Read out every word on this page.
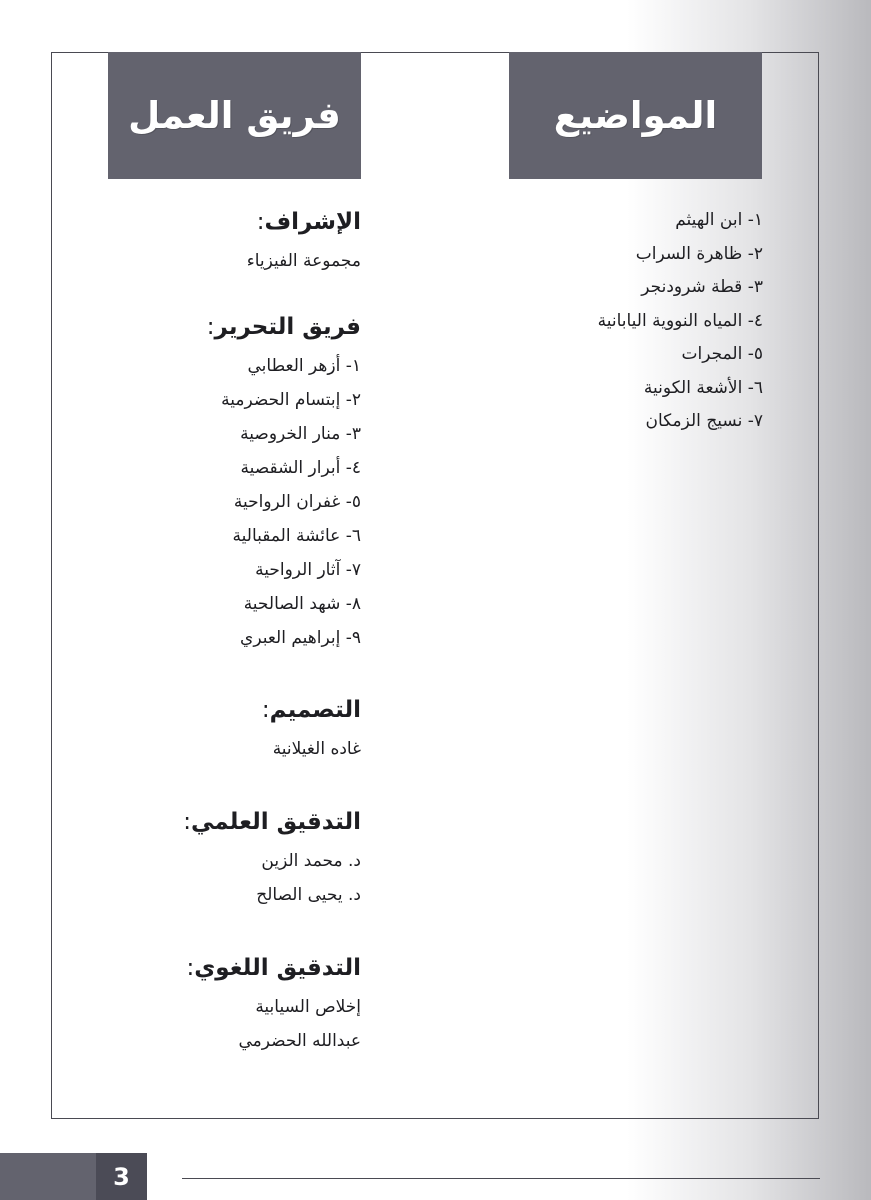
المواضيع
فريق العمل
١- ابن الهيثم
٢- ظاهرة السراب
٣- قطة شرودنجر
٤- المياه النووية اليابانية
٥- المجرات
٦- الأشعة الكونية
٧- نسيج الزمكان
الإشراف:
مجموعة الفيزياء
فريق التحرير:
١- أزهر العطابي
٢- إبتسام الحضرمية
٣- منار الخروصية
٤- أبرار الشقصية
٥- غفران الرواحية
٦- عائشة المقبالية
٧- آثار الرواحية
٨- شهد الصالحية
٩- إبراهيم العبري
التصميم:
غاده الغيلانية
التدقيق العلمي:
د. محمد الزين
د. يحيى الصالح
التدقيق اللغوي:
إخلاص السيابية
عبدالله الحضرمي
3
